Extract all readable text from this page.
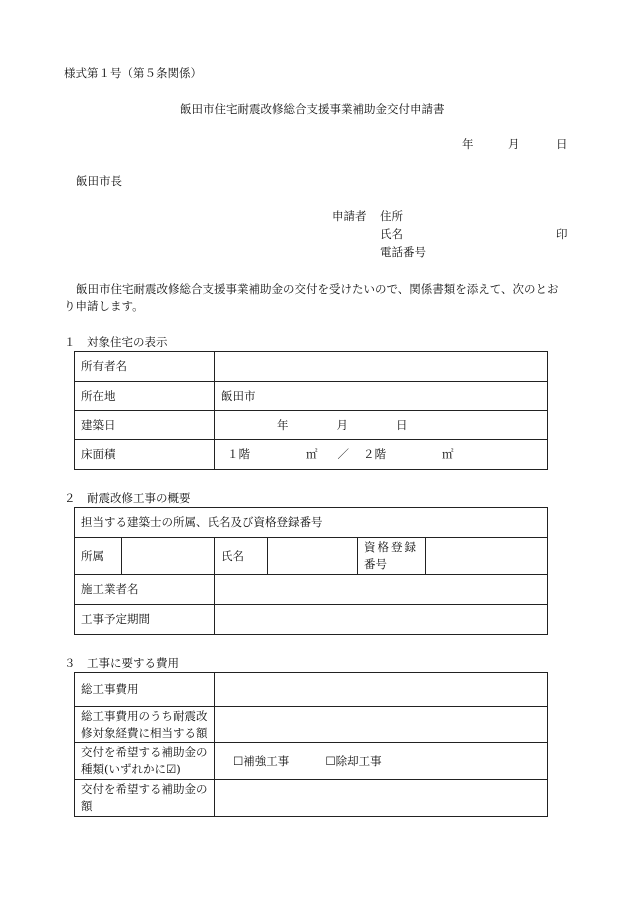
様式第１号（第５条関係）
飯田市住宅耐震改修総合支援事業補助金交付申請書
年	月	日
飯田市長
申請者 住所
氏名	印
電話番号
飯田市住宅耐震改修総合支援事業補助金の交付を受けたいので、関係書類を添えて、次のとお
り申請します。
１　対象住宅の表示
所有者名	
所在地	飯田市
建築日	年 月 日
床面積	１階 ㎡ ／ ２階 ㎡
２　耐震改修工事の概要
担当する建築士の所属、氏名及び資格登録番号					
所属		氏名		資格登録
番号	

施工業者名					
工事予定期間					
３　工事に要する費用
総工事費用	

総工事費用のうち耐震改
修対象経費に相当する額	

交付を希望する補助金の
種類(いずれかに☑)	☐補強工事 ☐除却工事

交付を希望する補助金の
額	
